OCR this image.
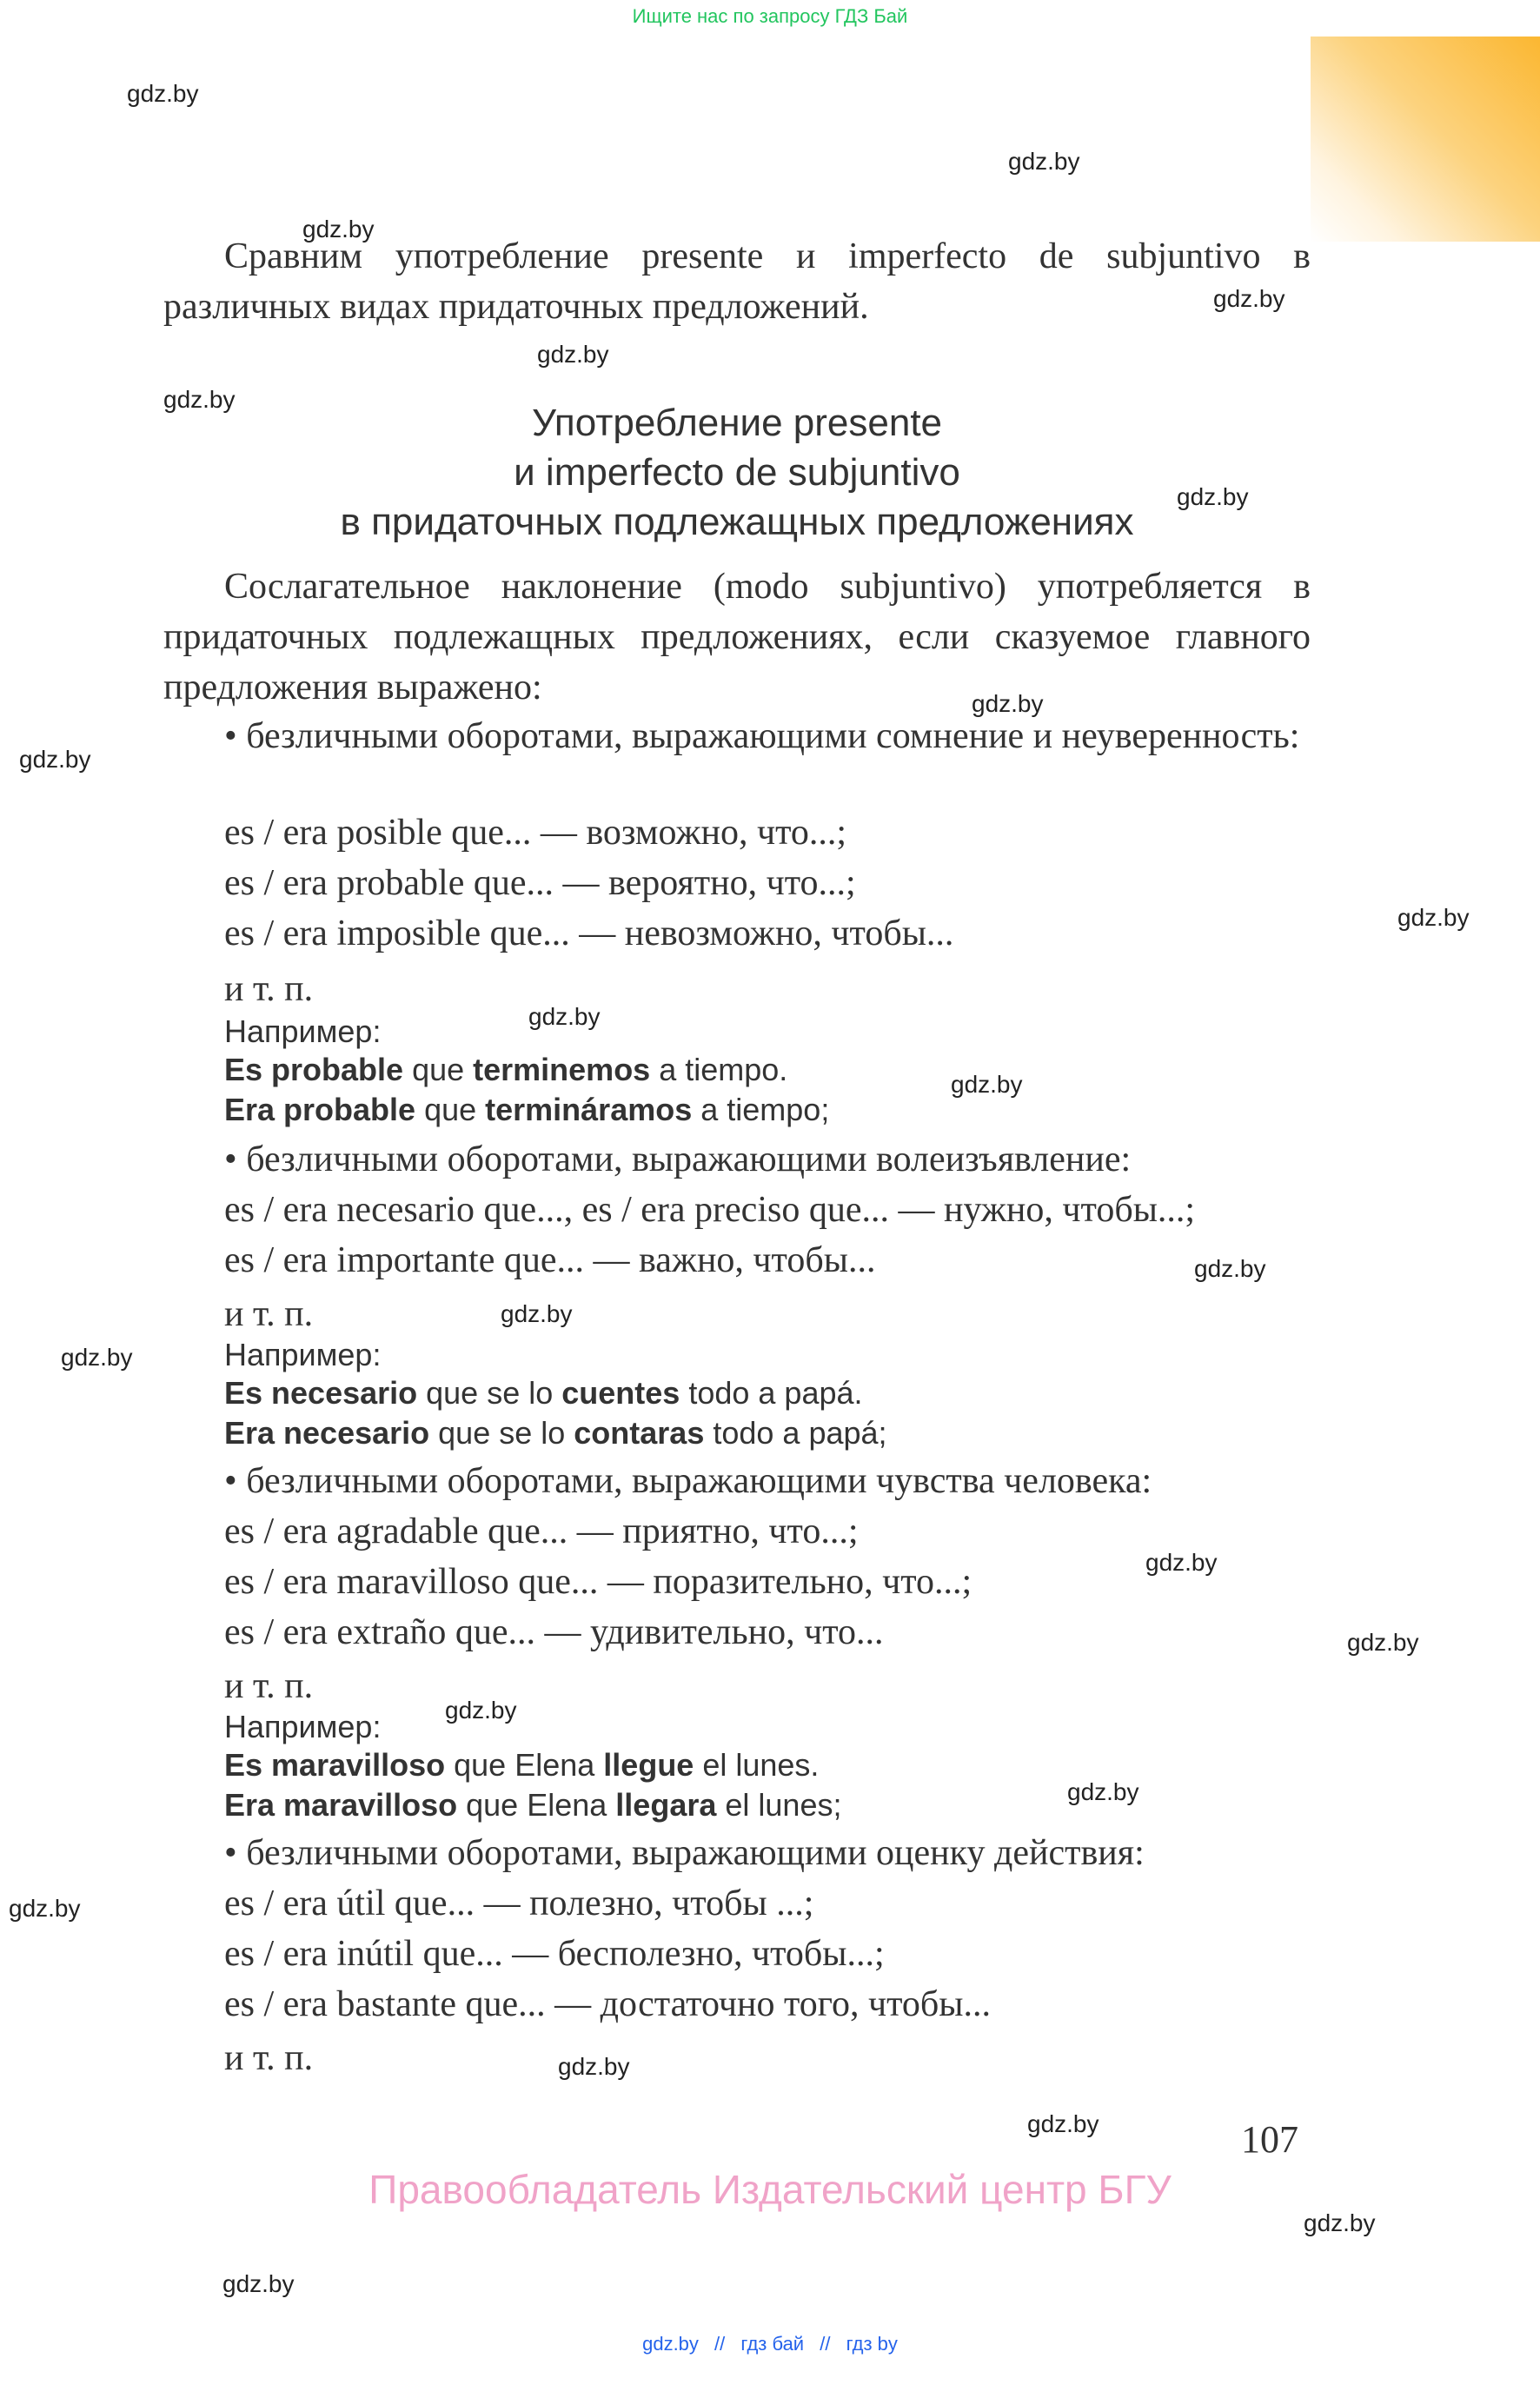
Ищите нас по запросу ГДЗ Бай
gdz.by
gdz.by
gdz.by
gdz.by
gdz.by
gdz.by
gdz.by
gdz.by
gdz.by
gdz.by
gdz.by
gdz.by
gdz.by
gdz.by
gdz.by
gdz.by
gdz.by
gdz.by
gdz.by
gdz.by
gdz.by
gdz.by
gdz.by
gdz.by

Сравним употребление presente и imperfecto de subjuntivo в различных видах придаточных предложений.

Употребление presente
и imperfecto de subjuntivo
в придаточных подлежащных предложениях

Сослагательное наклонение (modo subjuntivo) употребляется в придаточных подлежащных предложениях, если сказуемое главного предложения выражено:

• безличными оборотами, выражающими сомнение и неуверенность:

es / era posible que... — возможно, что...;
es / era probable que... — вероятно, что...;
es / era imposible que... — невозможно, чтобы...
и т. п.
Например:
Es probable que terminemos a tiempo.
Era probable que termináramos a tiempo;
• безличными оборотами, выражающими волеизъявление:
es / era necesario que..., es / era preciso que... — нужно, чтобы...;
es / era importante que... — важно, чтобы...
и т. п.
Например:
Es necesario que se lo cuentes todo a papá.
Era necesario que se lo contaras todo a papá;
• безличными оборотами, выражающими чувства человека:
es / era agradable que... — приятно, что...;
es / era maravilloso que... — поразительно, что...;
es / era extraño que... — удивительно, что...
и т. п.
Например:
Es maravilloso que Elena llegue el lunes.
Era maravilloso que Elena llegara el lunes;
• безличными оборотами, выражающими оценку действия:
es / era útil que... — полезно, чтобы ...;
es / era inútil que... — бесполезно, чтобы...;
es / era bastante que... — достаточно того, чтобы...
и т. п.
107
Правообладатель Издательский центр БГУ
gdz.by // гдз бай // гдз by
